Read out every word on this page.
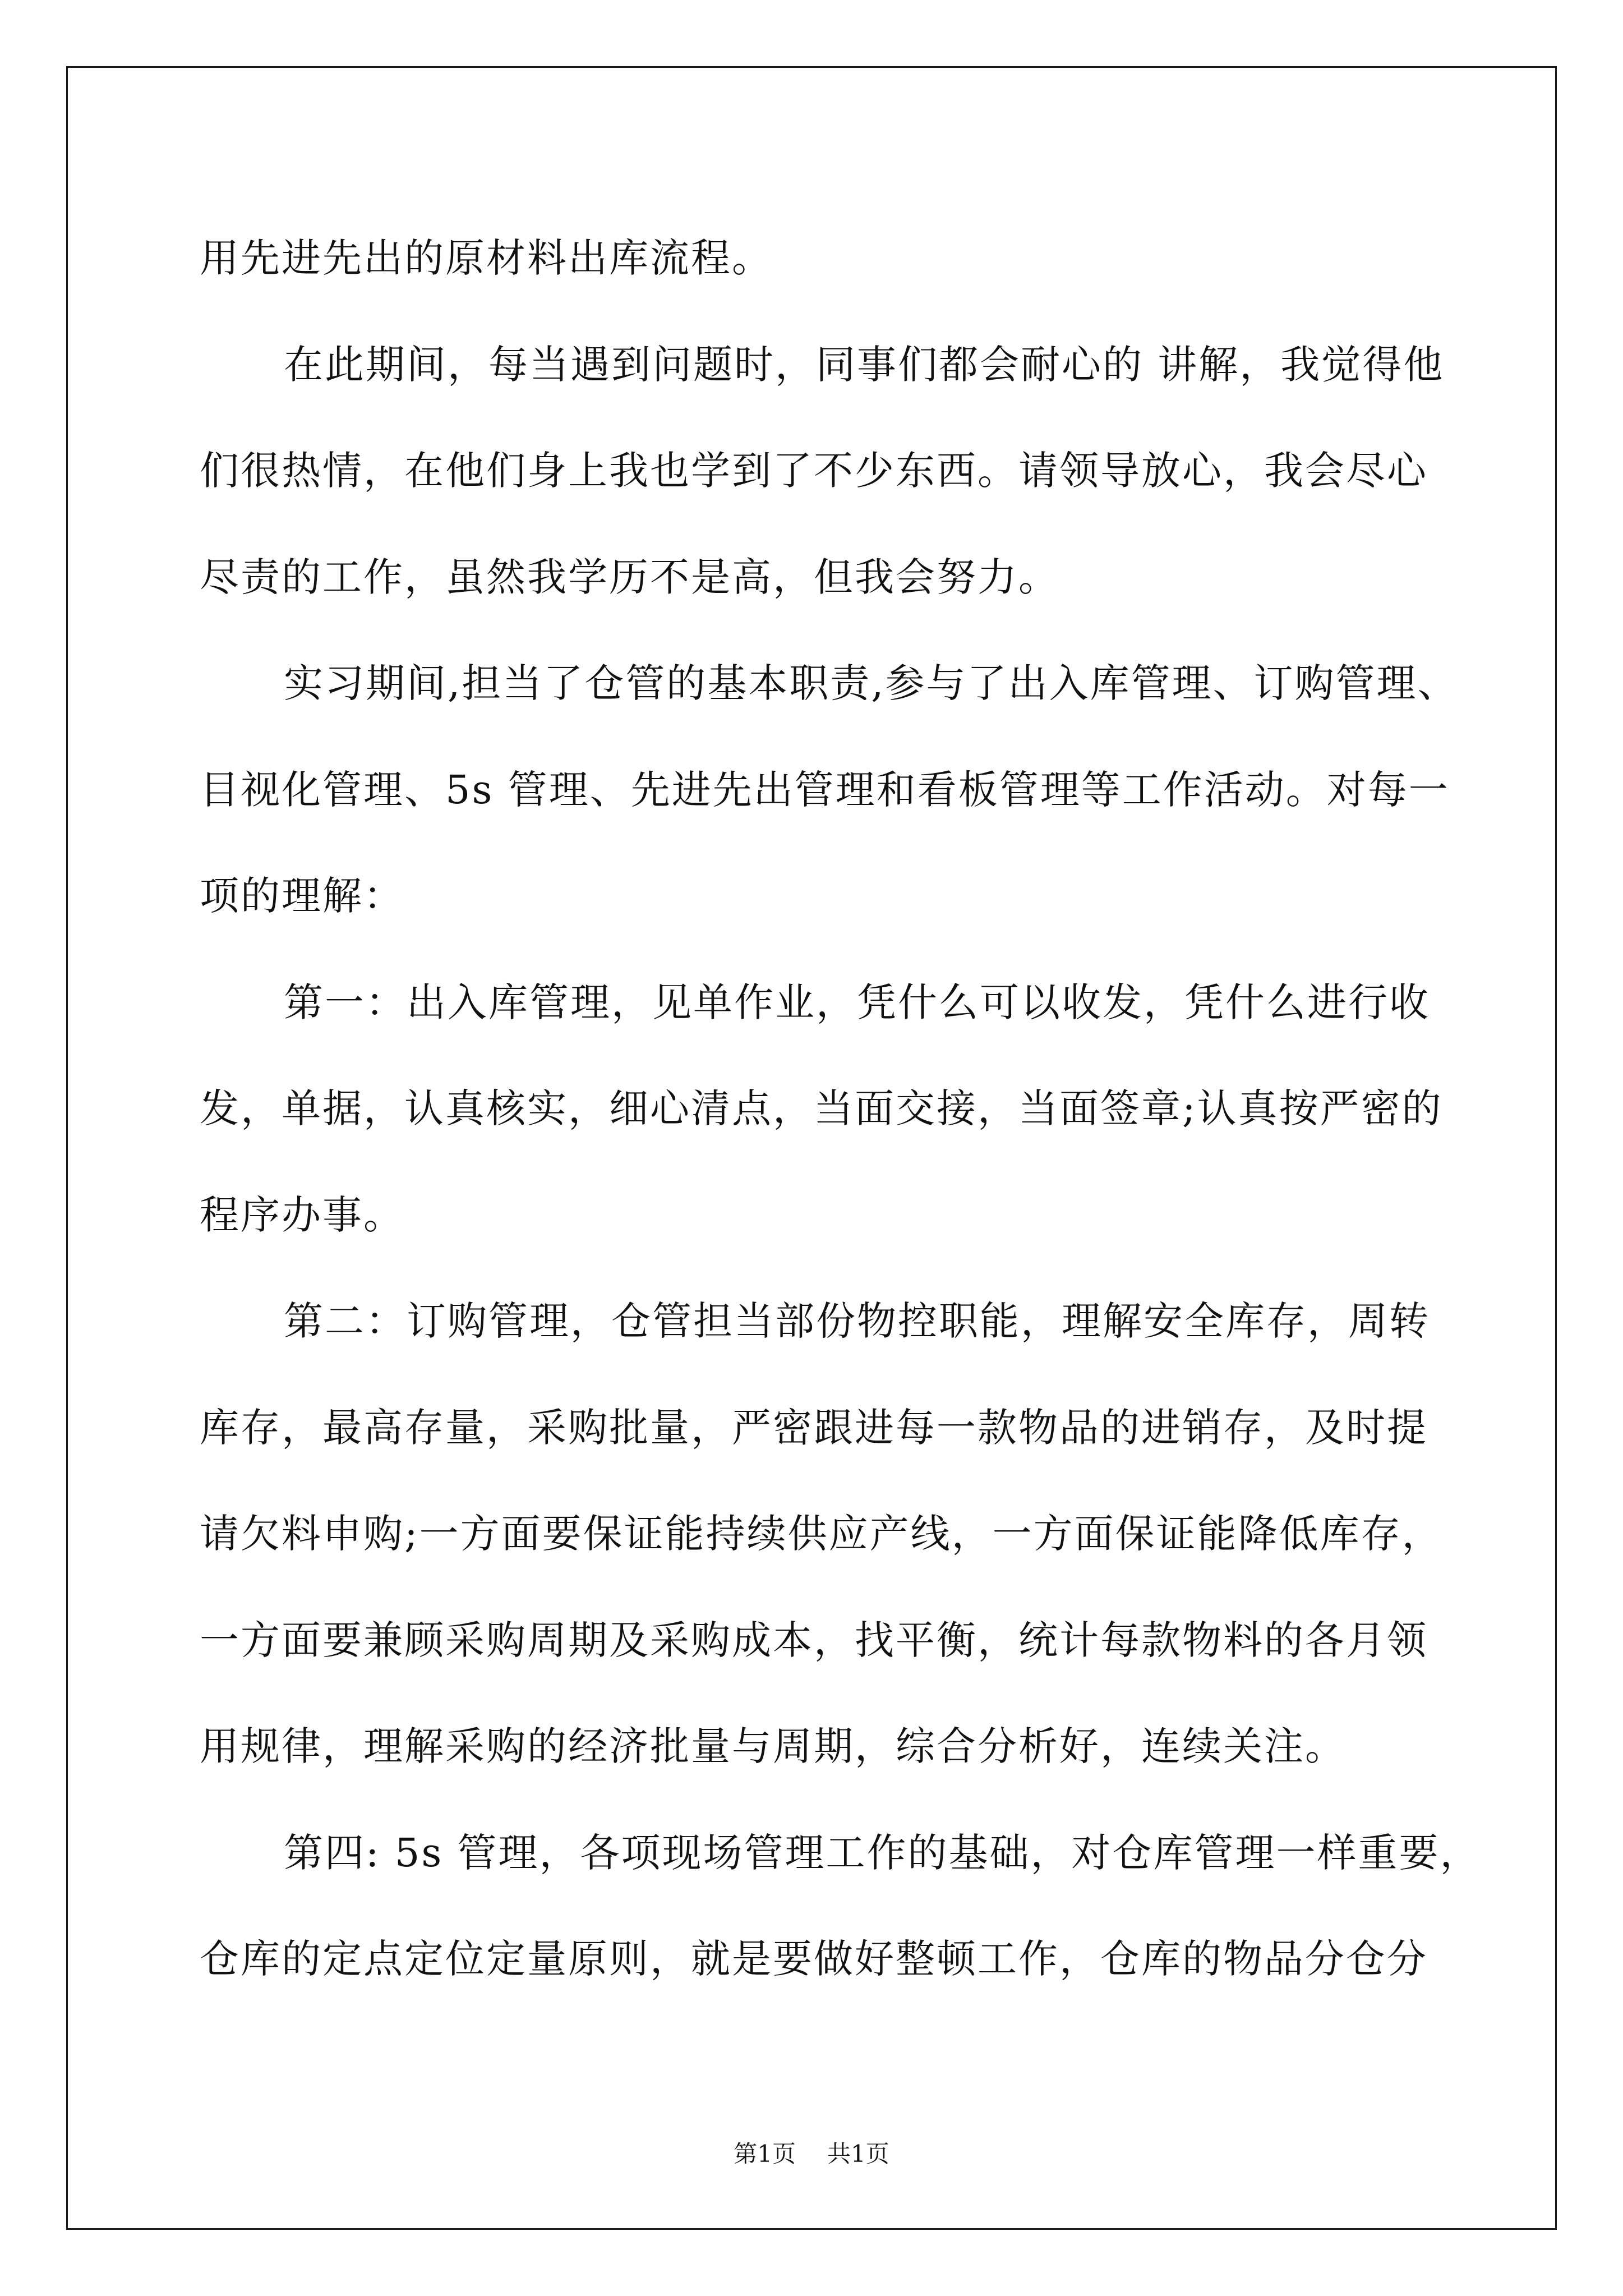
用先进先出的原材料出库流程。
在此期间，每当遇到问题时，同事们都会耐心的 讲解，我觉得他
们很热情，在他们身上我也学到了不少东西。请领导放心，我会尽心
尽责的工作，虽然我学历不是高，但我会努力。
实习期间,担当了仓管的基本职责,参与了出入库管理、订购管理、
目视化管理、5s 管理、先进先出管理和看板管理等工作活动。对每一
项的理解：
第一：出入库管理，见单作业，凭什么可以收发，凭什么进行收
发，单据，认真核实，细心清点，当面交接，当面签章;认真按严密的
程序办事。
第二：订购管理，仓管担当部份物控职能，理解安全库存，周转
库存，最高存量，采购批量，严密跟进每一款物品的进销存，及时提
请欠料申购;一方面要保证能持续供应产线，一方面保证能降低库存，
一方面要兼顾采购周期及采购成本，找平衡，统计每款物料的各月领
用规律，理解采购的经济批量与周期，综合分析好，连续关注。
第四: 5s 管理，各项现场管理工作的基础，对仓库管理一样重要，
仓库的定点定位定量原则，就是要做好整顿工作，仓库的物品分仓分
第1页 共1页
